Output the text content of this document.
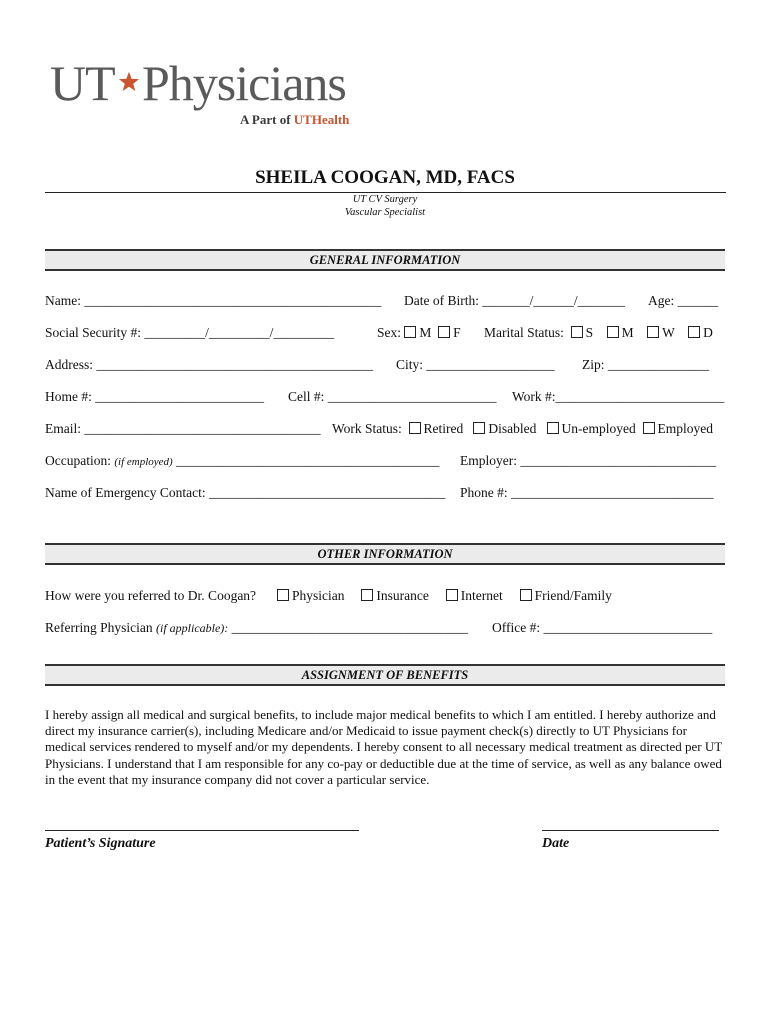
UT Physicians
A Part of UTHealth
SHEILA COOGAN, MD, FACS
UT CV Surgery
Vascular Specialist
GENERAL INFORMATION
Name: ____________________________________________ Date of Birth: _______/______/_______ Age: ______
Social Security #: _________/_________/_________	Sex: M F Marital Status: S M W D
Address: _________________________________________ City: ___________________ Zip: _______________
Home #: _________________________ Cell #: _________________________ Work #:_________________________
Email: ___________________________________ Work Status: Retired Disabled Un-employed Employed
Occupation: (if employed) _______________________________________ Employer: _____________________________
Name of Emergency Contact: ___________________________________ Phone #: ______________________________
OTHER INFORMATION
How were you referred to Dr. Coogan?	Physician Insurance Internet Friend/Family
Referring Physician (if applicable): ___________________________________ Office #: _________________________
ASSIGNMENT OF BENEFITS
I hereby assign all medical and surgical benefits, to include major medical benefits to which I am entitled. I hereby authorize and direct my insurance carrier(s), including Medicare and/or Medicaid to issue payment check(s) directly to UT Physicians for medical services rendered to myself and/or my dependents. I hereby consent to all necessary medical treatment as directed per UT Physicians. I understand that I am responsible for any co-pay or deductible due at the time of service, as well as any balance owed in the event that my insurance company did not cover a particular service.
Patient’s Signature	Date
